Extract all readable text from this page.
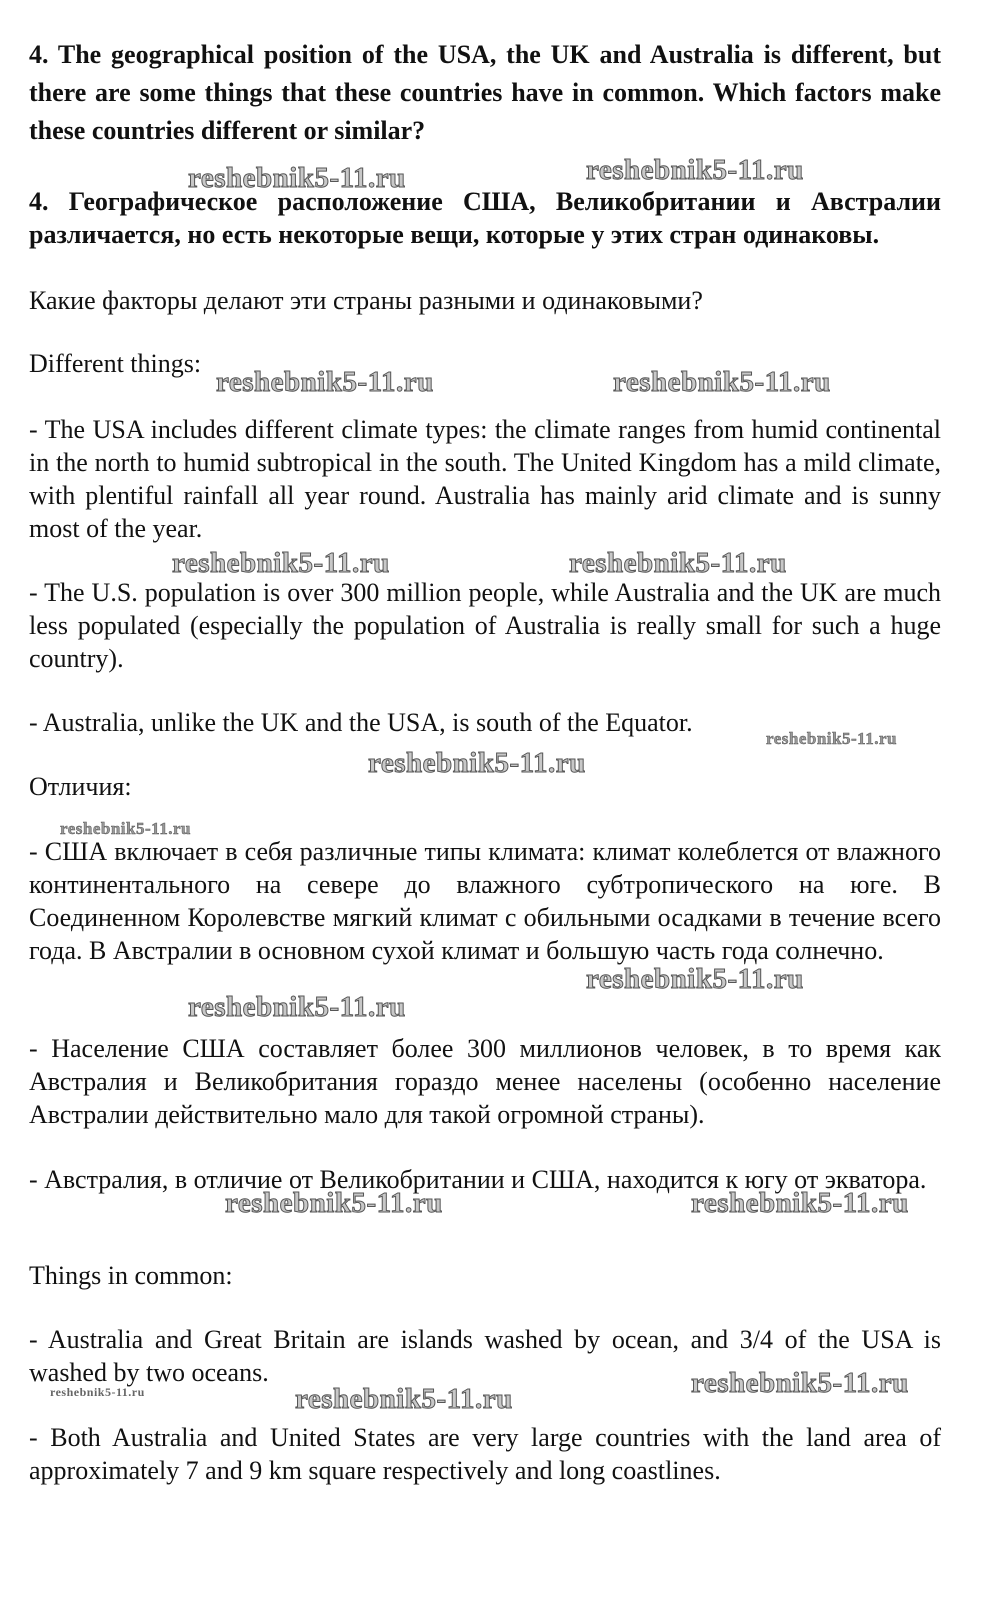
4. The geographical position of the USA, the UK and Australia is different, but there are some things that these countries have in common. Which factors make these countries different or similar?
4. Географическое расположение США, Великобритании и Австралии различается, но есть некоторые вещи, которые у этих стран одинаковы.
Какие факторы делают эти страны разными и одинаковыми?
Different things:
- The USA includes different climate types: the climate ranges from humid continental in the north to humid subtropical in the south. The United Kingdom has a mild climate, with plentiful rainfall all year round. Australia has mainly arid climate and is sunny most of the year.
- The U.S. population is over 300 million people, while Australia and the UK are much less populated (especially the population of Australia is really small for such a huge country).
- Australia, unlike the UK and the USA, is south of the Equator.
Отличия:
- США включает в себя различные типы климата: климат колеблется от влажного континентального на севере до влажного субтропического на юге. В Соединенном Королевстве мягкий климат с обильными осадками в течение всего года. В Австралии в основном сухой климат и большую часть года солнечно.
- Население США составляет более 300 миллионов человек, в то время как Австралия и Великобритания гораздо менее населены (особенно население Австралии действительно мало для такой огромной страны).
- Австралия, в отличие от Великобритании и США, находится к югу от экватора.
Things in common:
- Australia and Great Britain are islands washed by ocean, and 3/4 of the USA is washed by two oceans.
- Both Australia and United States are very large countries with the land area of approximately 7 and 9 km square respectively and long coastlines.
reshebnik5-11.ru	reshebnik5-11.ru
reshebnik5-11.ru	reshebnik5-11.ru
reshebnik5-11.ru	reshebnik5-11.ru
reshebnik5-11.ru
reshebnik5-11.ru
reshebnik5-11.ru
reshebnik5-11.ru
reshebnik5-11.ru
reshebnik5-11.ru	reshebnik5-11.ru
reshebnik5-11.ru	reshebnik5-11.ru	reshebnik5-11.ru
